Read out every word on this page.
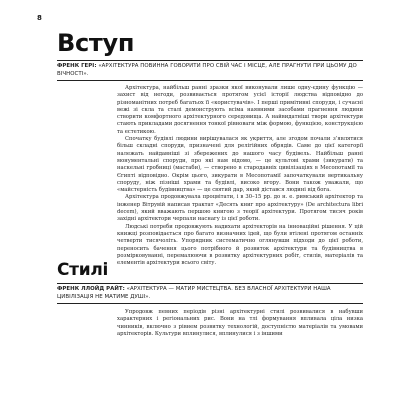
8
Вступ
ФРЕНК ГЕРІ: «АРХІТЕКТУРА ПОВИННА ГОВОРИТИ ПРО СВІЙ ЧАС І МІСЦЕ, АЛЕ ПРАГНУТИ ПРИ ЦЬОМУ ДО ВІЧНОСТІ».

Архітектура, найбільш ранні зразки якої виконували лише одну-єдину функцію — захист від негоди, розвивається протягом усієї історії людства відповідно до різноманітних потреб багатьох її «користувачів». І перші примітивні споруди, і сучасні вежі зі скла та сталі демонструють всіма наявними засобами прагнення людини створити комфортного архітектурного середовища. А найвидатніші твори архітектури стають прикладами досягнення тонкої рівноваги між формою, функцією, конструкцією та естетикою.

Спочатку будівлі людини вирішувалася як укриття, але згодом почали з’являтися більш складні споруди, призначені для релігійних обрядів. Саме до цієї категорії належать найдавніші зі збережених до нашого часу будівель. Найбільш ранні монументальні споруди, про які нам відомо, — це культові храми (зикурати) та наскельні гробниці (мастаби), — створено в стародавніх цивілізаціях в Месопотамії та Єгипті відповідно. Окрім цього, зикурати в Месопотамії започаткували вертикальну споруду, ніж пізніші храми та будівлі, високо вгору. Вони також уважали, що «майстерність будівництва» — це святий дар, який дістався людині від бога.

Архітектура продовжувала процвітати, і в 30–15 рр. до н. е. римський архітектор та інженер Вітрувій написав трактат «Десять книг про архітектуру» (De architectura libri decem), який вважають першою книгою з теорії архітектури. Протягом тисяч років західні архітектори черпали наснагу із цієї роботи.

Людські потреби продовжують надихати архітекторів на інноваційні рішення. У цій книжці розповідається про багато визначних ідей, що були втілені протягом останніх четверти тисячоліть. Упорядник систематично оглянувши підходи до цієї роботи, переносить бачення цього потрібного й розвиток архітектури та будівництва в розмірковуванні, перемалюючи в розвитку архітектурних робіт, стилів, матеріалів та елементів архітектури всього світу.

Стилі
ФРЕНК ЛЛОЙД РАЙТ: «АРХІТЕКТУРА — МАТИР МИСТЕЦТВА. БЕЗ ВЛАСНОЇ АРХІТЕКТУРИ НАША ЦИВІЛІЗАЦІЯ НЕ МАТИМЕ ДУШІ».

Упродовж певних періодів різні архітектурні стилі розвивалися в набувши характерних і регіональних рис. Вони на тлі формування впливала ціла низка чинників, включно з рівнем розвитку технологій, доступністю матеріалів та умовами архітекторів. Культури вплинулися, вплинулися і з іншими
